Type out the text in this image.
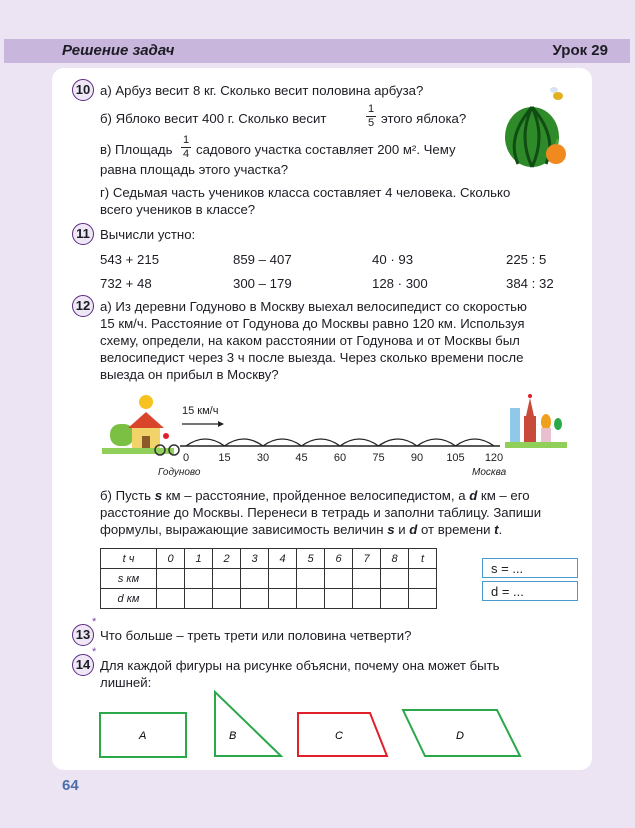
Решение задач	Урок 29
10 а) Арбуз весит 8 кг. Сколько весит половина арбуза?
б) Яблоко весит 400 г. Сколько весит
1
5 этого яблока?
в) Площадь
1
4 садового участка составляет 200 м². Чему
равна площадь этого участка?
г) Седьмая часть учеников класса составляет 4 человека. Сколько
всего учеников в классе?
11 Вычисли устно:
543 + 215	859 – 407	40 · 93	225 : 5
732 + 48	300 – 179	128 · 300	384 : 32
12 а) Из деревни Годуново в Москву выехал велосипедист со скоростью
15 км/ч. Расстояние от Годунова до Москвы равно 120 км. Используя
схему, определи, на каком расстоянии от Годунова и от Москвы был
велосипедист через 3 ч после выезда. Через сколько времени после
выезда он прибыл в Москву?
15 км/ч
0	15 30 45 60 75 90 105 120
Годуново	Москва
б) Пусть s км – расстояние, пройденное велосипедистом, а d км – его
расстояние до Москвы. Перенеси в тетрадь и заполни таблицу. Запиши
формулы, выражающие зависимость величин s и d от времени t.
t ч	0	1	2	3	4	5	6	7	8	t
s км										
d км										
s = ...
d = ...
13
*
Что больше – треть трети или половина четверти?
14
*
Для каждой фигуры на рисунке объясни, почему она может быть
лишней:
A	B	C	D
64
